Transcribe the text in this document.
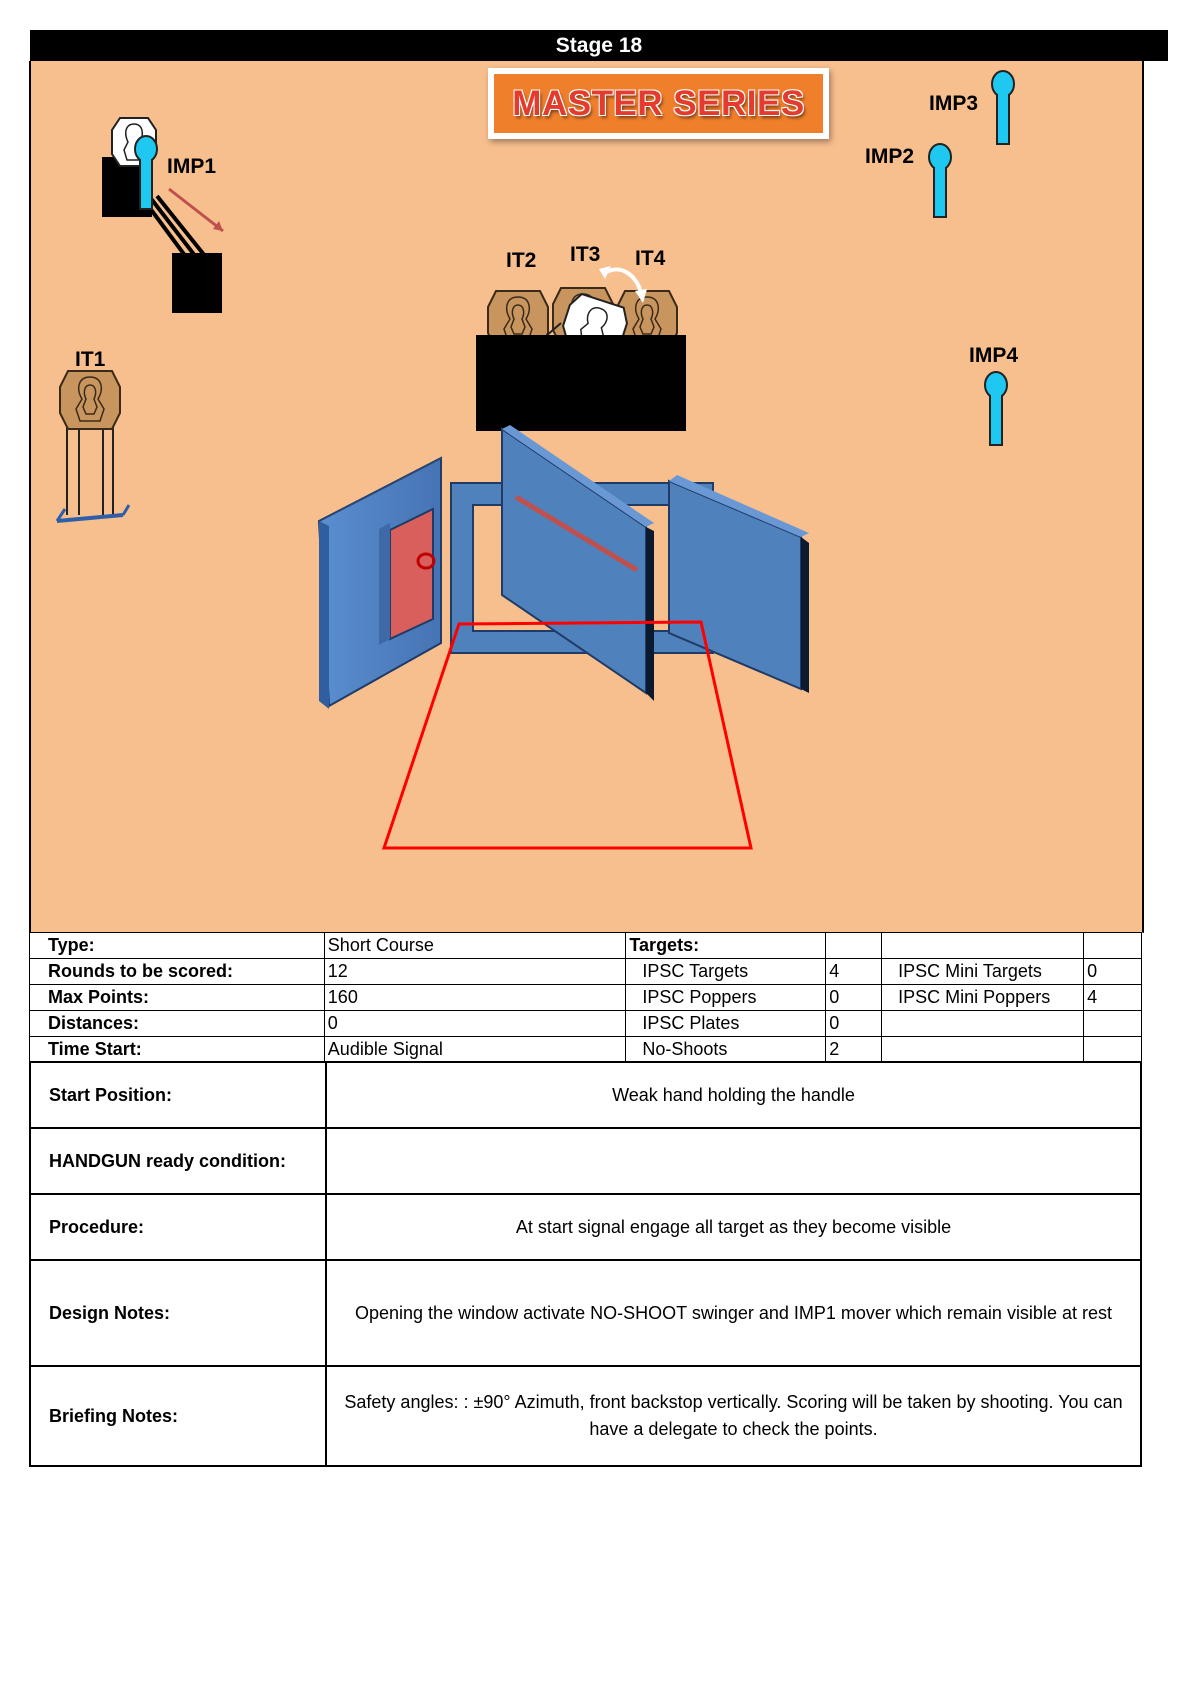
Stage 18
MASTER SERIES
IMP1	IMP2
IMP3
IMP4
IT1
IT2 IT3 IT4
Type:	Short Course	Targets:			
Rounds to be scored:	12	IPSC Targets	4	IPSC Mini Targets	0
Max Points:	160	IPSC Poppers	0	IPSC Mini Poppers	4
Distances:	0	IPSC Plates	0		
Time Start:	Audible Signal	No-Shoots	2		
Start Position:	Weak hand holding the handle
HANDGUN ready condition:	
Procedure:	At start signal engage all target as they become visible
Design Notes:	Opening the window activate NO-SHOOT swinger and IMP1 mover which remain visible at rest
Briefing Notes:	Safety angles: : ±90° Azimuth, front backstop vertically. Scoring will be taken by shooting. You can have a delegate to check the points.
